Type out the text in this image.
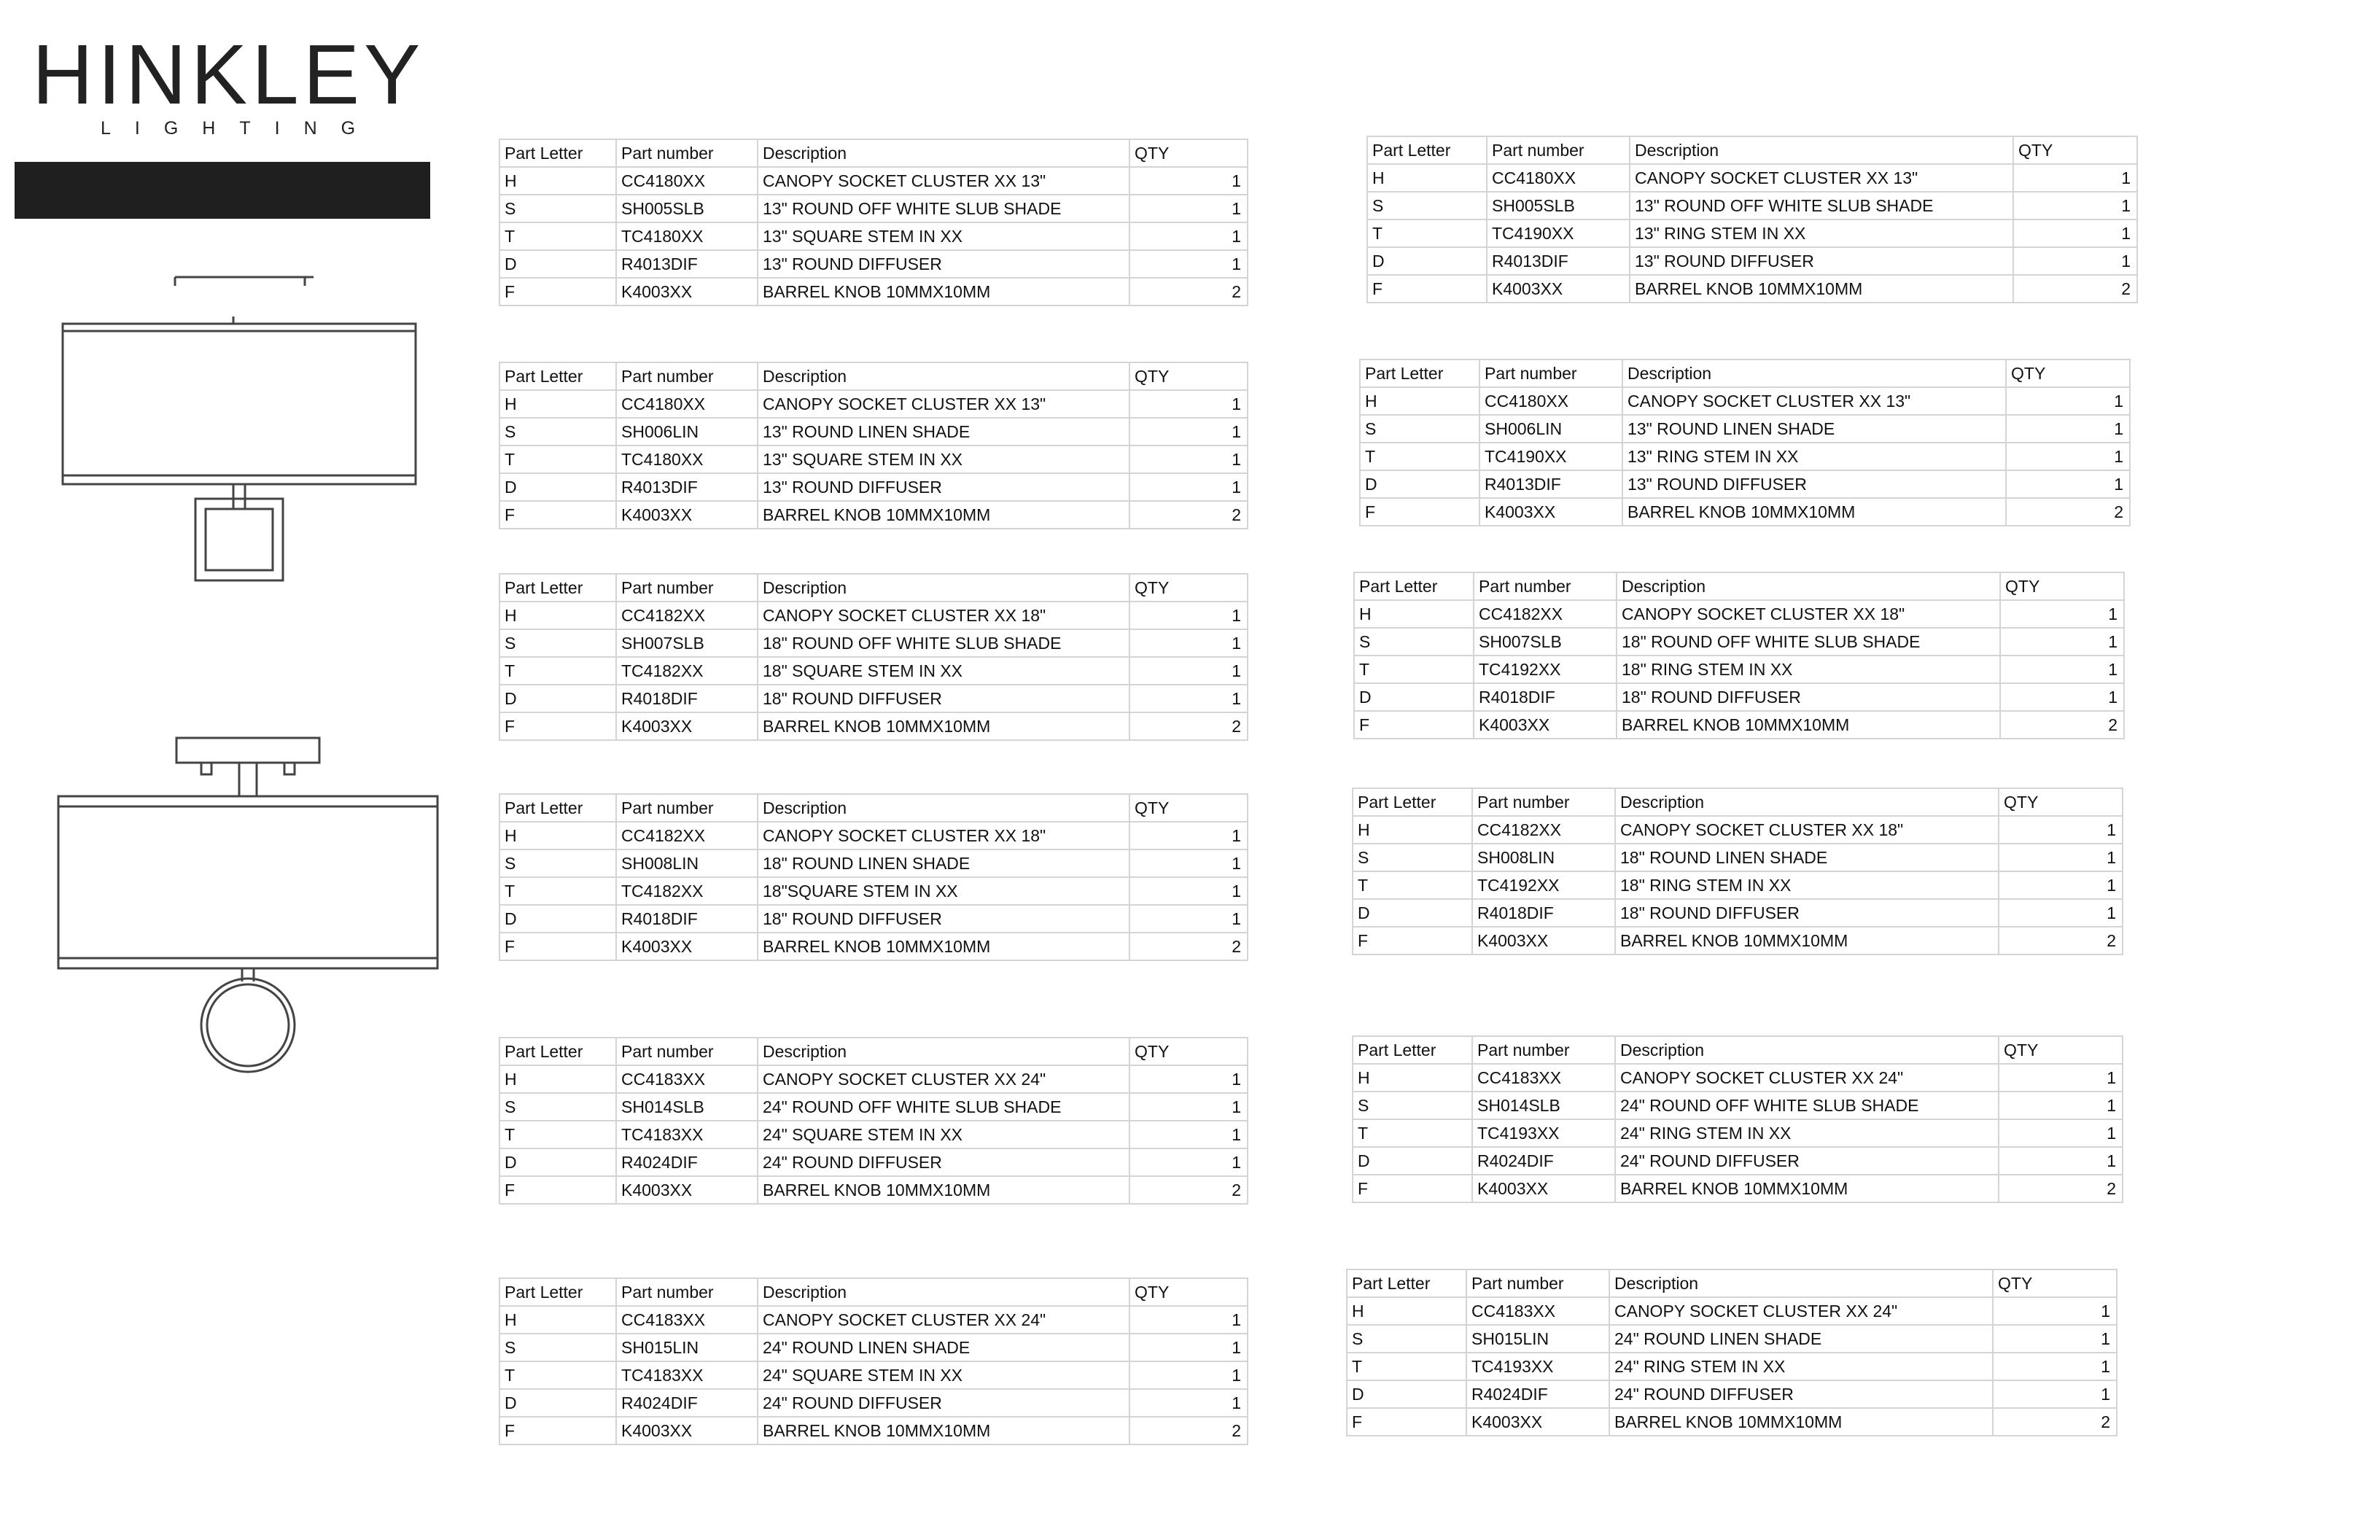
HINKLEY
LIGHTING
Part Letter	Part number	Description	QTY
H	CC4180XX	CANOPY SOCKET CLUSTER XX 13"	1
S	SH005SLB	13" ROUND OFF WHITE SLUB SHADE	1
T	TC4180XX	13" SQUARE STEM IN XX	1
D	R4013DIF	13" ROUND DIFFUSER	1
F	K4003XX	BARREL KNOB 10MMX10MM	2
Part Letter	Part number	Description	QTY
H	CC4180XX	CANOPY SOCKET CLUSTER XX 13"	1
S	SH006LIN	13" ROUND LINEN SHADE	1
T	TC4180XX	13" SQUARE STEM IN XX	1
D	R4013DIF	13" ROUND DIFFUSER	1
F	K4003XX	BARREL KNOB 10MMX10MM	2
Part Letter	Part number	Description	QTY
H	CC4182XX	CANOPY SOCKET CLUSTER XX 18"	1
S	SH007SLB	18" ROUND OFF WHITE SLUB SHADE	1
T	TC4182XX	18" SQUARE STEM IN XX	1
D	R4018DIF	18" ROUND DIFFUSER	1
F	K4003XX	BARREL KNOB 10MMX10MM	2
Part Letter	Part number	Description	QTY
H	CC4182XX	CANOPY SOCKET CLUSTER XX 18"	1
S	SH008LIN	18" ROUND LINEN SHADE	1
T	TC4182XX	18"SQUARE STEM IN XX	1
D	R4018DIF	18" ROUND DIFFUSER	1
F	K4003XX	BARREL KNOB 10MMX10MM	2
Part Letter	Part number	Description	QTY
H	CC4183XX	CANOPY SOCKET CLUSTER XX 24"	1
S	SH014SLB	24" ROUND OFF WHITE SLUB SHADE	1
T	TC4183XX	24" SQUARE STEM IN XX	1
D	R4024DIF	24" ROUND DIFFUSER	1
F	K4003XX	BARREL KNOB 10MMX10MM	2
Part Letter	Part number	Description	QTY
H	CC4183XX	CANOPY SOCKET CLUSTER XX 24"	1
S	SH015LIN	24" ROUND LINEN SHADE	1
T	TC4183XX	24" SQUARE STEM IN XX	1
D	R4024DIF	24" ROUND DIFFUSER	1
F	K4003XX	BARREL KNOB 10MMX10MM	2
Part Letter	Part number	Description	QTY
H	CC4180XX	CANOPY SOCKET CLUSTER XX 13"	1
S	SH005SLB	13" ROUND OFF WHITE SLUB SHADE	1
T	TC4190XX	13" RING STEM IN XX	1
D	R4013DIF	13" ROUND DIFFUSER	1
F	K4003XX	BARREL KNOB 10MMX10MM	2
Part Letter	Part number	Description	QTY
H	CC4180XX	CANOPY SOCKET CLUSTER XX 13"	1
S	SH006LIN	13" ROUND LINEN SHADE	1
T	TC4190XX	13" RING STEM IN XX	1
D	R4013DIF	13" ROUND DIFFUSER	1
F	K4003XX	BARREL KNOB 10MMX10MM	2
Part Letter	Part number	Description	QTY
H	CC4182XX	CANOPY SOCKET CLUSTER XX 18"	1
S	SH007SLB	18" ROUND OFF WHITE SLUB SHADE	1
T	TC4192XX	18" RING STEM IN XX	1
D	R4018DIF	18" ROUND DIFFUSER	1
F	K4003XX	BARREL KNOB 10MMX10MM	2
Part Letter	Part number	Description	QTY
H	CC4182XX	CANOPY SOCKET CLUSTER XX 18"	1
S	SH008LIN	18" ROUND LINEN SHADE	1
T	TC4192XX	18" RING STEM IN XX	1
D	R4018DIF	18" ROUND DIFFUSER	1
F	K4003XX	BARREL KNOB 10MMX10MM	2
Part Letter	Part number	Description	QTY
H	CC4183XX	CANOPY SOCKET CLUSTER XX 24"	1
S	SH014SLB	24" ROUND OFF WHITE SLUB SHADE	1
T	TC4193XX	24" RING STEM IN XX	1
D	R4024DIF	24" ROUND DIFFUSER	1
F	K4003XX	BARREL KNOB 10MMX10MM	2
Part Letter	Part number	Description	QTY
H	CC4183XX	CANOPY SOCKET CLUSTER XX 24"	1
S	SH015LIN	24" ROUND LINEN SHADE	1
T	TC4193XX	24" RING STEM IN XX	1
D	R4024DIF	24" ROUND DIFFUSER	1
F	K4003XX	BARREL KNOB 10MMX10MM	2
